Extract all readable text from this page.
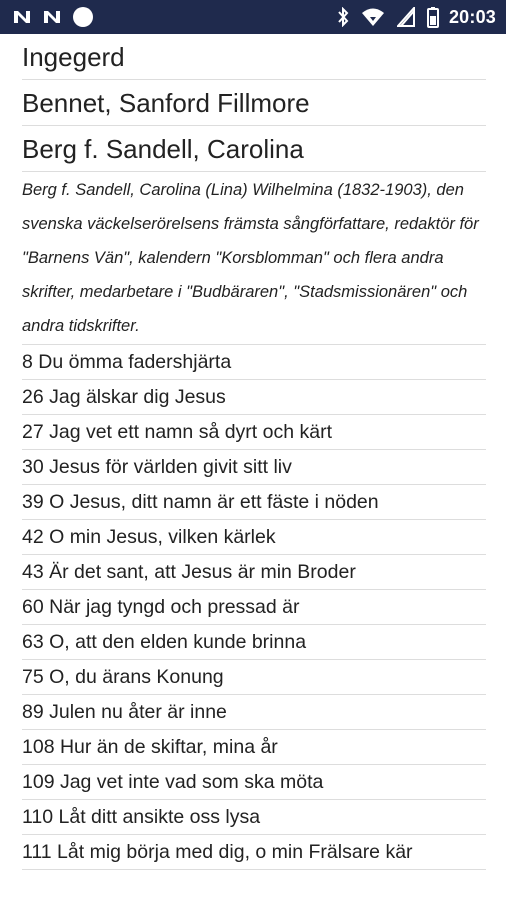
20:03
Ingegerd
Bennet, Sanford Fillmore
Berg f. Sandell, Carolina
Berg f. Sandell, Carolina (Lina) Wilhelmina (1832-1903), den svenska väckelserörelsens främsta sångförfattare, redaktör för "Barnens Vän", kalendern "Korsblomman" och flera andra skrifter, medarbetare i "Budbäraren", "Stadsmissionären" och andra tidskrifter.
8 Du ömma fadershjärta
26 Jag älskar dig Jesus
27 Jag vet ett namn så dyrt och kärt
30 Jesus för världen givit sitt liv
39 O Jesus, ditt namn är ett fäste i nöden
42 O min Jesus, vilken kärlek
43 Är det sant, att Jesus är min Broder
60 När jag tyngd och pressad är
63 O, att den elden kunde brinna
75 O, du ärans Konung
89 Julen nu åter är inne
108 Hur än de skiftar, mina år
109 Jag vet inte vad som ska möta
110 Låt ditt ansikte oss lysa
111 Låt mig börja med dig, o min Frälsare kär
